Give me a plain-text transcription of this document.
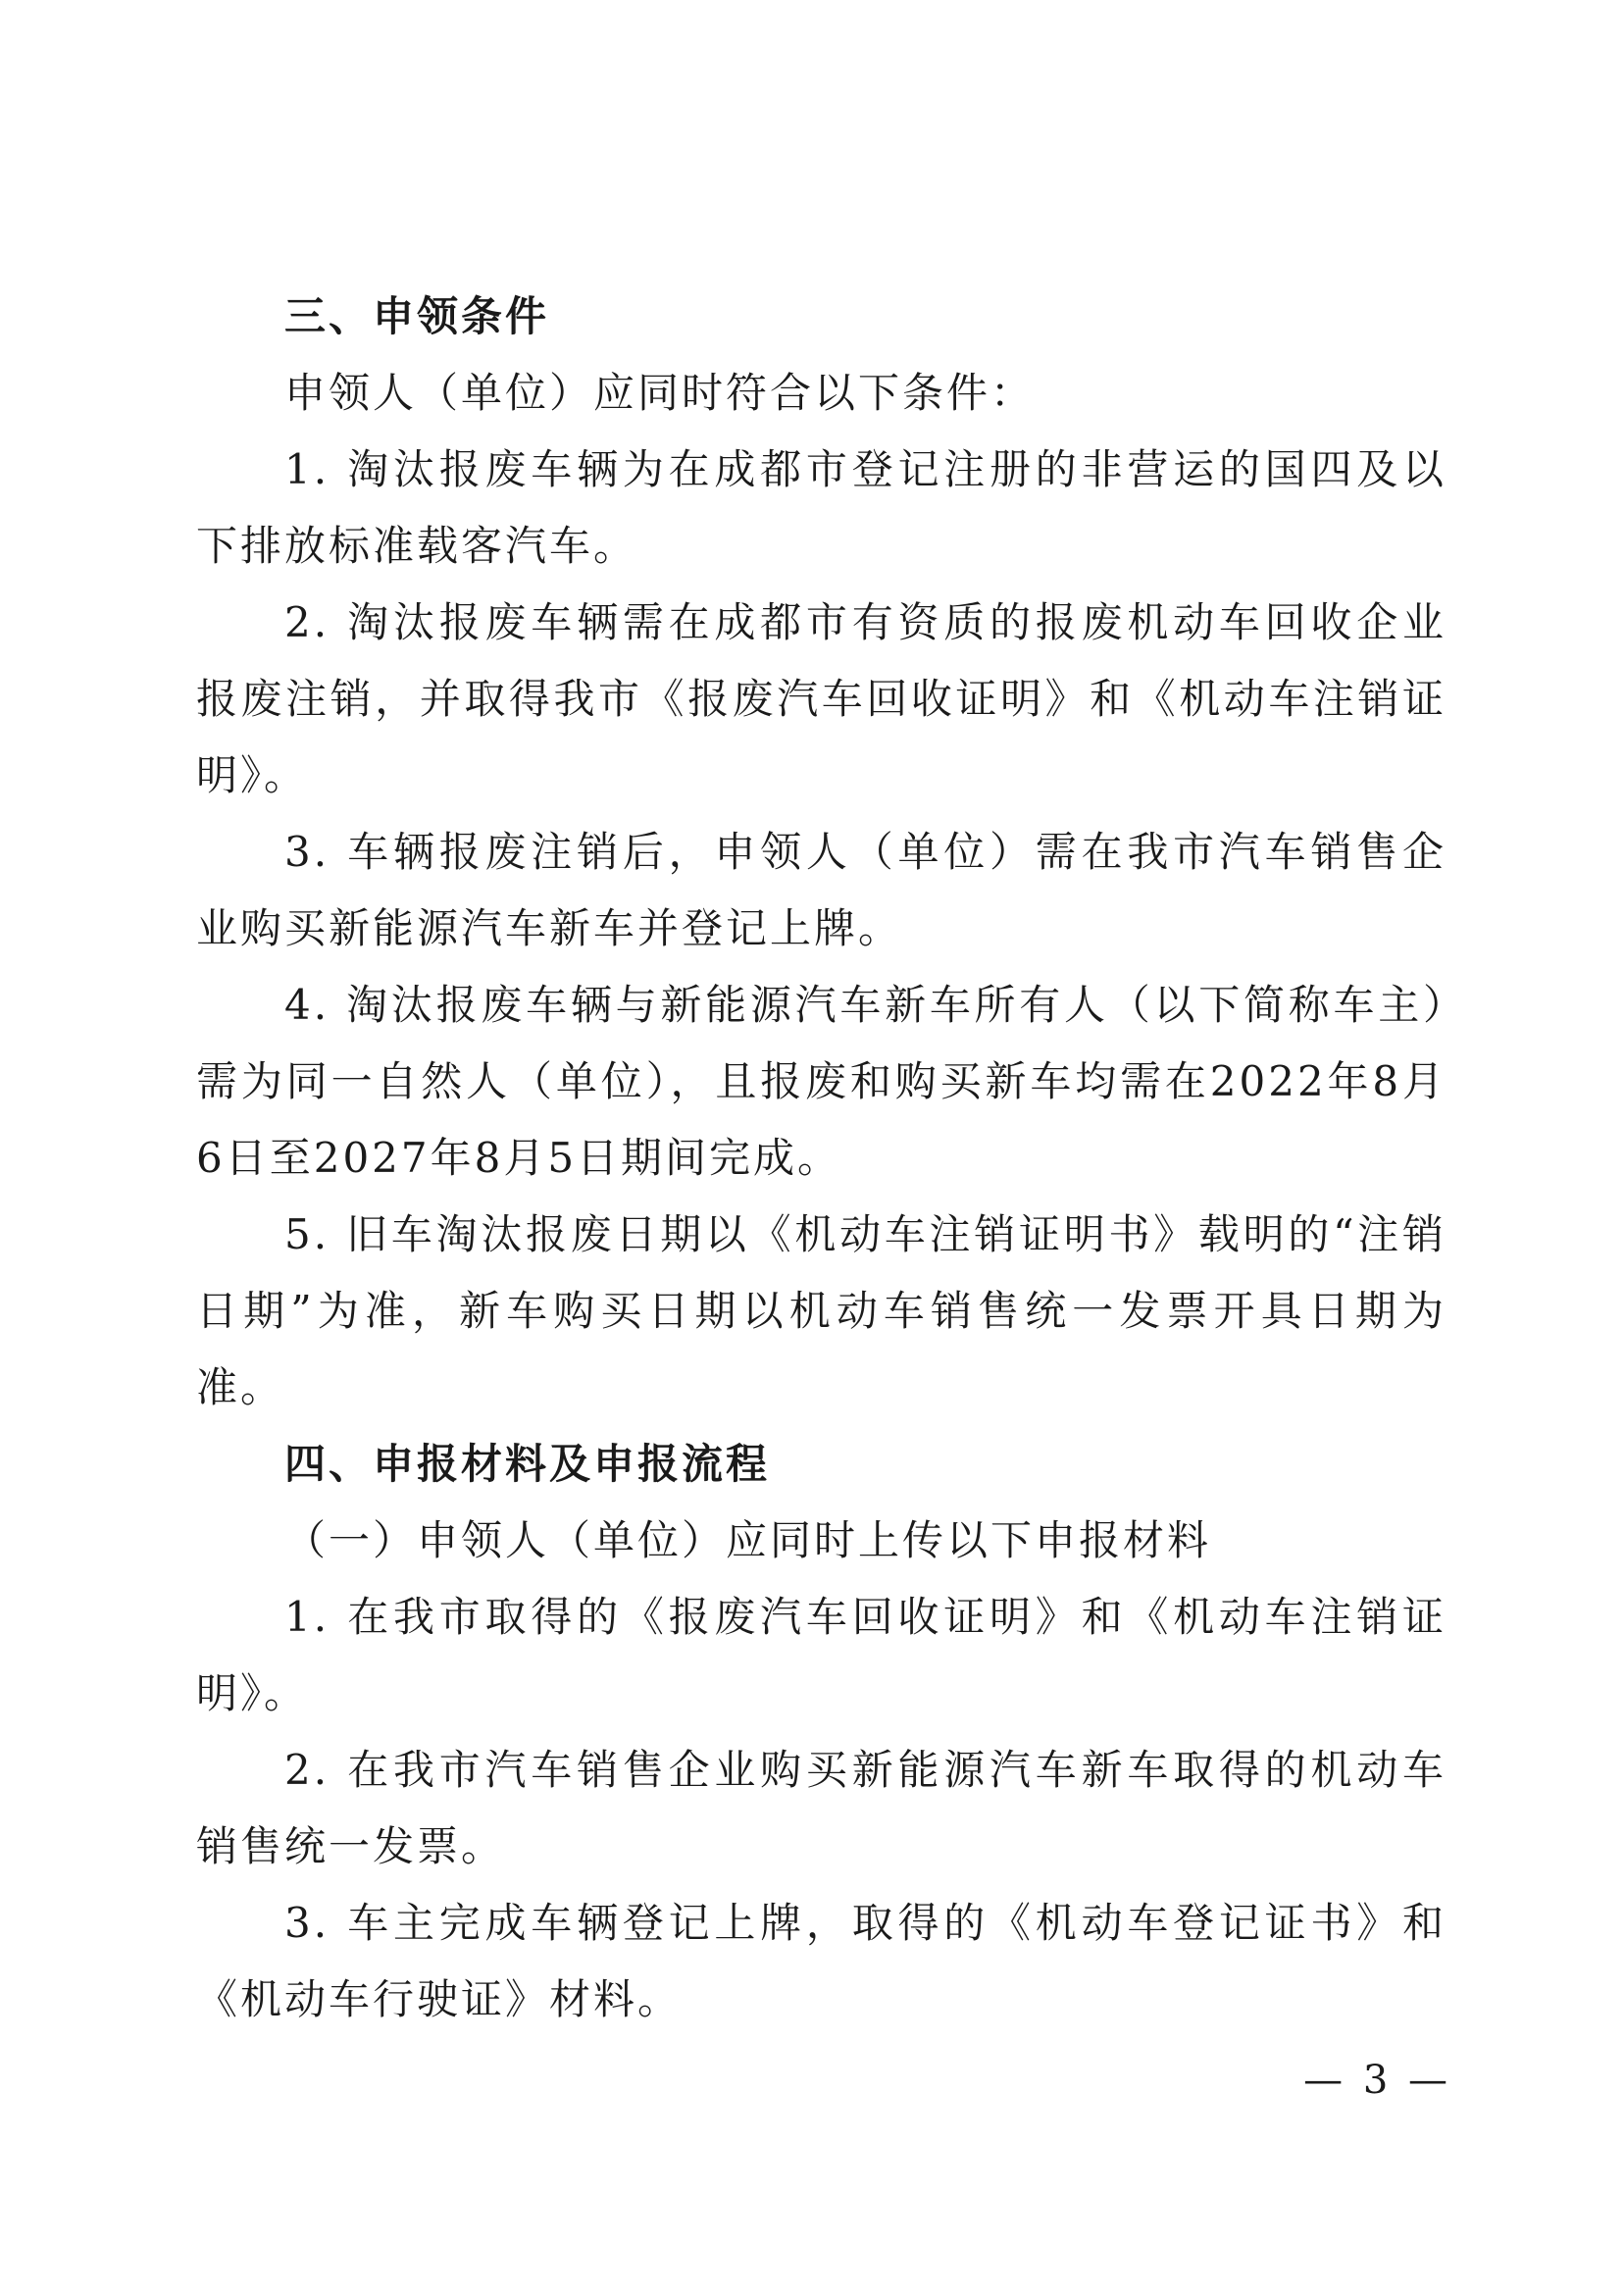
三、申领条件

申领人（单位）应同时符合以下条件：

1. 淘汰报废车辆为在成都市登记注册的非营运的国四及以下排放标准载客汽车。

2. 淘汰报废车辆需在成都市有资质的报废机动车回收企业报废注销，并取得我市《报废汽车回收证明》和《机动车注销证明》。

3. 车辆报废注销后，申领人（单位）需在我市汽车销售企业购买新能源汽车新车并登记上牌。

4. 淘汰报废车辆与新能源汽车新车所有人（以下简称车主）需为同一自然人（单位），且报废和购买新车均需在2022年8月6日至2027年8月5日期间完成。

5. 旧车淘汰报废日期以《机动车注销证明书》载明的“注销日期”为准，新车购买日期以机动车销售统一发票开具日期为准。

四、申报材料及申报流程
（一）申领人（单位）应同时上传以下申报材料

1. 在我市取得的《报废汽车回收证明》和《机动车注销证明》。

2. 在我市汽车销售企业购买新能源汽车新车取得的机动车销售统一发票。

3. 车主完成车辆登记上牌，取得的《机动车登记证书》和《机动车行驶证》材料。

— 3 —
